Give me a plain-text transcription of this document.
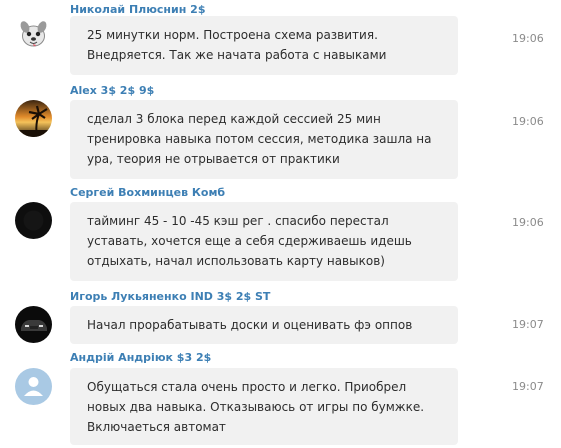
Николай Плюснин 2$
25 минутки норм. Построена схема развития.
Внедряется. Так же начата работа с навыками
19:06
Alex 3$ 2$ 9$
сделал 3 блока перед каждой сессией 25 мин
тренировка навыка потом сессия, методика зашла на
ура, теория не отрывается от практики
19:06
Сергей Вохминцев Комб
тайминг 45 - 10 -45 кэш рег . спасибо перестал
уставать, хочется еще а себя сдерживаешь идешь
отдыхать, начал использовать карту навыков)
19:06
Игорь Лукьяненко IND 3$ 2$ ST
Начал прорабатывать доски и оценивать фэ оппов	19:07
Андрій Андріюк $3 2$
Обущаться стала очень просто и легко. Приобрел
новых два навыка. Отказываюсь от игры по бумжке.
Включаеться автомат
19:07
